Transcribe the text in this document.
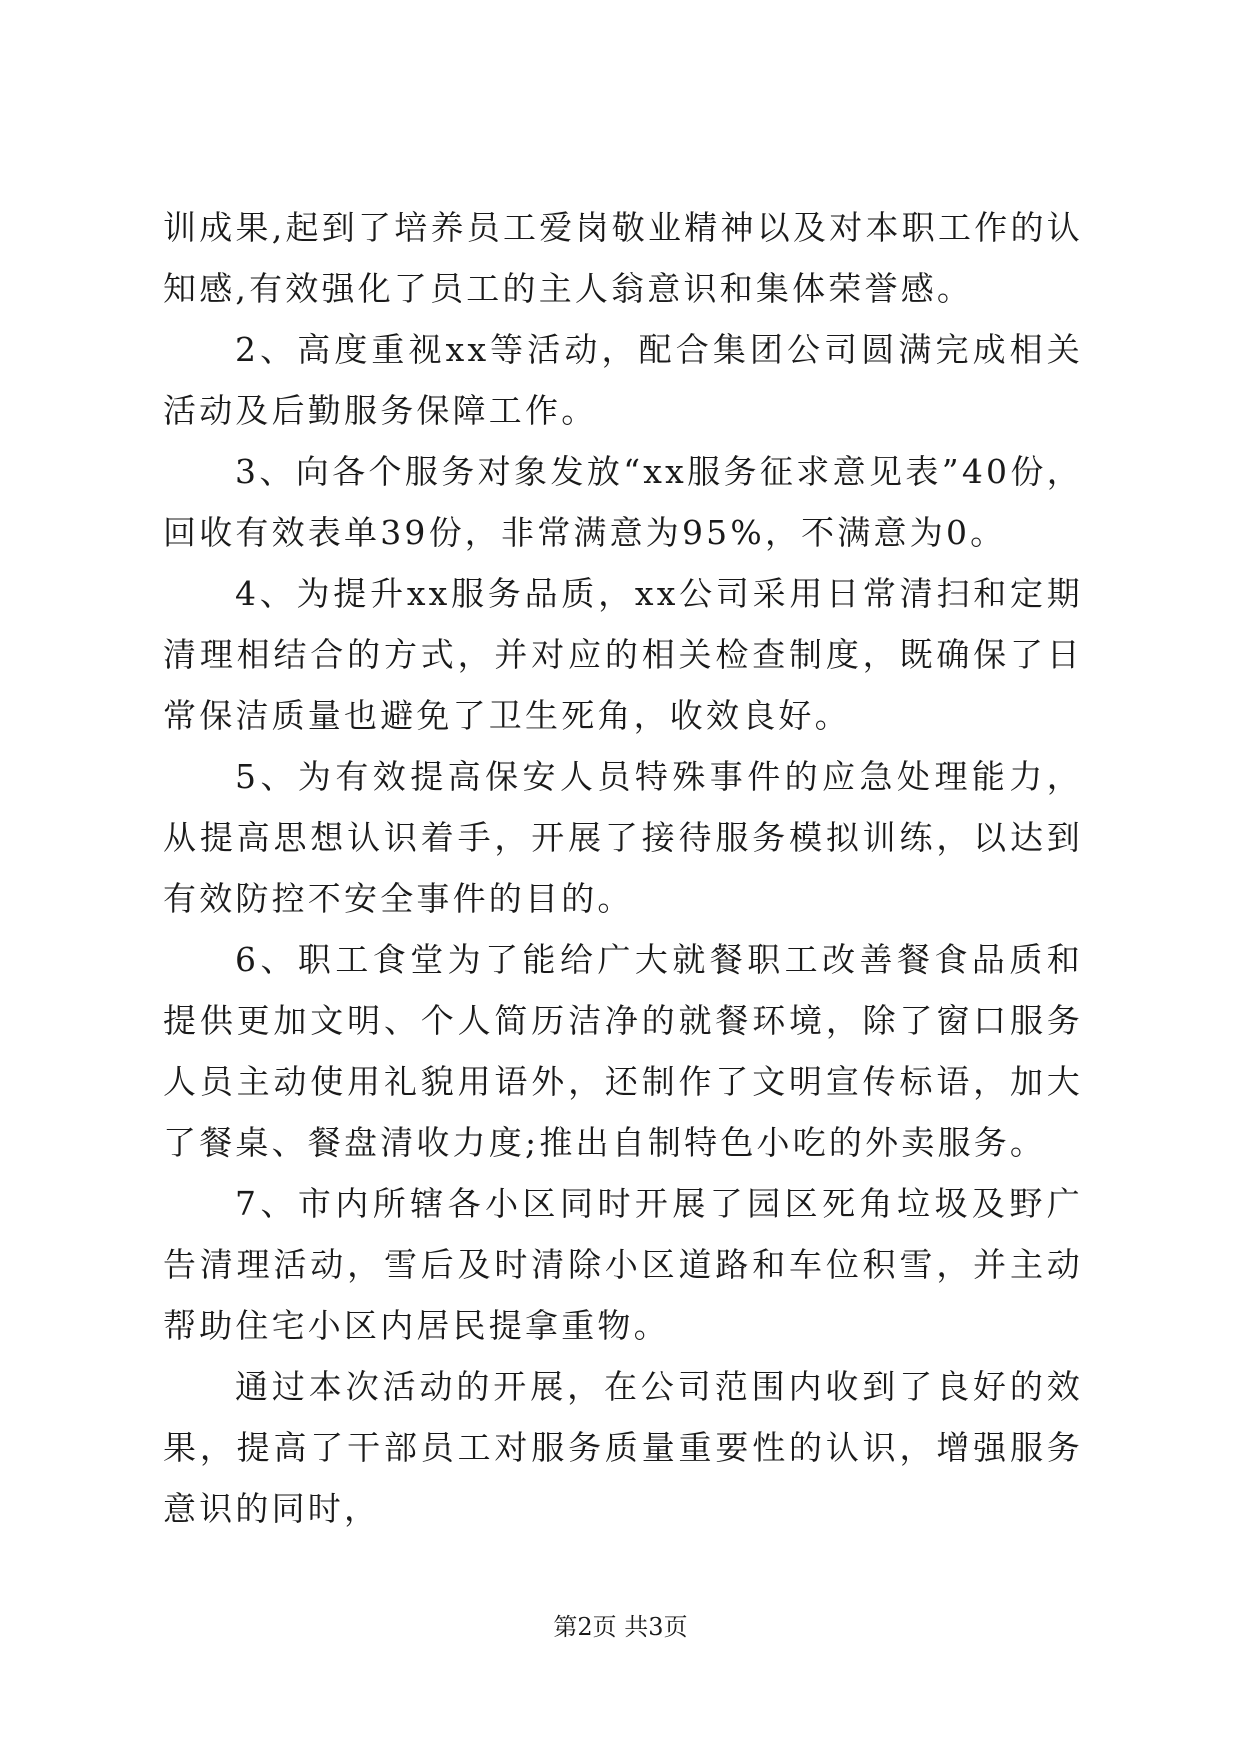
训成果,起到了培养员工爱岗敬业精神以及对本职工作的认知感,有效强化了员工的主人翁意识和集体荣誉感。

2、高度重视xx等活动，配合集团公司圆满完成相关活动及后勤服务保障工作。

3、向各个服务对象发放“xx服务征求意见表”40份，回收有效表单39份，非常满意为95%，不满意为0。

4、为提升xx服务品质，xx公司采用日常清扫和定期清理相结合的方式，并对应的相关检查制度，既确保了日常保洁质量也避免了卫生死角，收效良好。

5、为有效提高保安人员特殊事件的应急处理能力，从提高思想认识着手，开展了接待服务模拟训练，以达到有效防控不安全事件的目的。

6、职工食堂为了能给广大就餐职工改善餐食品质和提供更加文明、个人简历洁净的就餐环境，除了窗口服务人员主动使用礼貌用语外，还制作了文明宣传标语，加大了餐桌、餐盘清收力度;推出自制特色小吃的外卖服务。

7、市内所辖各小区同时开展了园区死角垃圾及野广告清理活动，雪后及时清除小区道路和车位积雪，并主动帮助住宅小区内居民提拿重物。

通过本次活动的开展，在公司范围内收到了良好的效果，提高了干部员工对服务质量重要性的认识，增强服务意识的同时，

第2页 共3页
